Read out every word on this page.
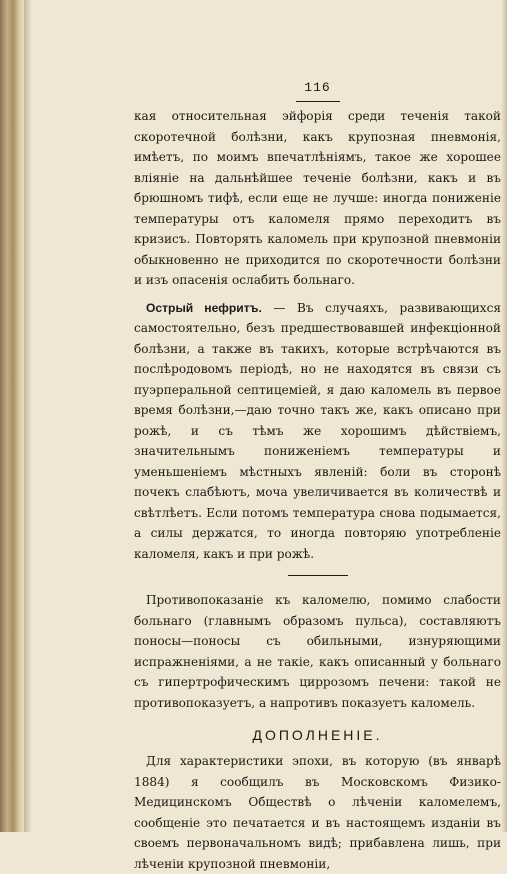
116

кая относительная эйфорія среди теченія такой скоротечной болѣзни, какъ крупозная пневмонія, имѣетъ, по моимъ впечатлѣніямъ, такое же хорошее вліяніе на дальнѣйшее теченіе болѣзни, какъ и въ брюшномъ тифѣ, если еще не лучше: иногда пониженіе температуры отъ каломеля прямо переходитъ въ кризисъ. Повторять каломель при крупозной пневмоніи обыкновенно не приходится по скоротечности болѣзни и изъ опасенія ослабить больнаго.

Острый нефритъ. — Въ случаяхъ, развивающихся самостоятельно, безъ предшествовавшей инфекціонной болѣзни, а также въ такихъ, которые встрѣчаются въ послѣродовомъ періодѣ, но не находятся въ связи съ пуэрперальной септицеміей, я даю каломель въ первое время болѣзни,—даю точно такъ же, какъ описано при рожѣ, и съ тѣмъ же хорошимъ дѣйствіемъ, значительнымъ пониженіемъ температуры и уменьшеніемъ мѣстныхъ явленій: боли въ сторонѣ почекъ слабѣютъ, моча увеличивается въ количествѣ и свѣтлѣетъ. Если потомъ температура снова подымается, а силы держатся, то иногда повторяю употребленіе каломеля, какъ и при рожѣ.

Противопоказаніе къ каломелю, помимо слабости больнаго (главнымъ образомъ пульса), составляютъ поносы—поносы съ обильными, изнуряющими испражненіями, а не такіе, какъ описанный у больнаго съ гипертрофическимъ циррозомъ печени: такой не противопоказуетъ, а напротивъ показуетъ каломель.

ДОПОЛНЕНІЕ.

Для характеристики эпохи, въ которую (въ январѣ 1884) я сообщилъ въ Московскомъ Физико-Медицинскомъ Обществѣ о лѣченіи каломелемъ, сообщеніе это печатается и въ настоящемъ изданіи въ своемъ первоначальномъ видѣ; прибавлена лишь, при лѣченіи крупозной пневмоніи,
